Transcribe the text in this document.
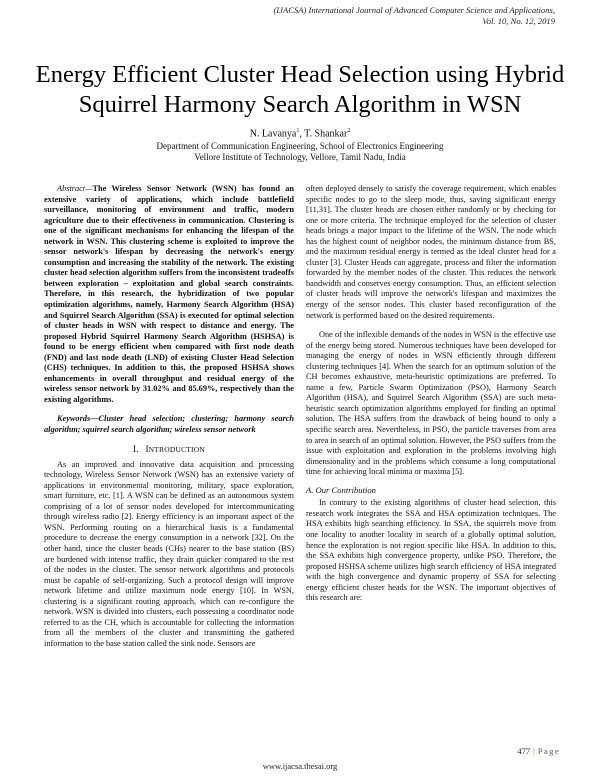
(IJACSA) International Journal of Advanced Computer Science and Applications,
Vol. 10, No. 12, 2019
Energy Efficient Cluster Head Selection using Hybrid
Squirrel Harmony Search Algorithm in WSN
N. Lavanya$^1$, T. Shankar$^2$
Department of Communication Engineering, School of Electronics Engineering
Vellore Institute of Technology, Vellore, Tamil Nadu, India

Abstract—The Wireless Sensor Network (WSN) has found an extensive variety of applications, which include battlefield surveillance, monitoring of environment and traffic, modern agriculture due to their effectiveness in communication. Clustering is one of the significant mechanisms for enhancing the lifespan of the network in WSN. This clustering scheme is exploited to improve the sensor network's lifespan by decreasing the network's energy consumption and increasing the stability of the network. The existing cluster head selection algorithm suffers from the inconsistent tradeoffs between exploration – exploitation and global search constraints. Therefore, in this research, the hybridization of two popular optimization algorithms, namely, Harmony Search Algorithm (HSA) and Squirrel Search Algorithm (SSA) is executed for optimal selection of cluster heads in WSN with respect to distance and energy. The proposed Hybrid Squirrel Harmony Search Algorithm (HSHSA) is found to be energy efficient when compared with first node death (FND) and last node death (LND) of existing Cluster Head Selection (CHS) techniques. In addition to this, the proposed HSHSA shows enhancements in overall throughput and residual energy of the wireless sensor network by 31.02% and 85.69%, respectively than the existing algorithms.

Keywords—Cluster head selection; clustering; harmony search algorithm; squirrel search algorithm; wireless sensor network

I. INTRODUCTION

As an improved and innovative data acquisition and processing technology, Wireless Sensor Network (WSN) has an extensive variety of applications in environmental monitoring, military, space exploration, smart furniture, etc. [1]. A WSN can be defined as an autonomous system comprising of a lot of sensor nodes developed for intercommunicating through wireless radio [2]. Energy efficiency is an important aspect of the WSN. Performing routing on a hierarchical basis is a fundamental procedure to decrease the energy consumption in a network [32]. On the other hand, since the cluster heads (CHs) nearer to the base station (BS) are burdened with intense traffic, they drain quicker compared to the rest of the nodes in the cluster. The sensor network algorithms and protocols must be capable of self-organizing. Such a protocol design will improve network lifetime and utilize maximum node energy [10]. In WSN, clustering is a significant routing approach, which can re-configure the network. WSN is divided into clusters, each possessing a coordinator node referred to as the CH, which is accountable for collecting the information from all the members of the cluster and transmitting the gathered information to the base station called the sink node. Sensors are

often deployed densely to satisfy the coverage requirement, which enables specific nodes to go to the sleep mode, thus, saving significant energy [11,31]. The cluster heads are chosen either randomly or by checking for one or more criteria. The technique employed for the selection of cluster heads brings a major impact to the lifetime of the WSN. The node which has the highest count of neighbor nodes, the minimum distance from BS, and the maximum residual energy is termed as the ideal cluster head for a cluster [3]. Cluster Heads can aggregate, process and filter the information forwarded by the member nodes of the cluster. This reduces the network bandwidth and conserves energy consumption. Thus, an efficient selection of cluster heads will improve the network's lifespan and maximizes the energy of the sensor nodes. This cluster based reconfiguration of the network is performed based on the desired requirements.

One of the inflexible demands of the nodes in WSN is the effective use of the energy being stored. Numerous techniques have been developed for managing the energy of nodes in WSN efficiently through different clustering techniques [4]. When the search for an optimum solution of the CH becomes exhaustive, meta-heuristic optimizations are preferred. To name a few, Particle Swarm Optimization (PSO), Harmony Search Algorithm (HSA), and Squirrel Search Algorithm (SSA) are such meta-heuristic search optimization algorithms employed for finding an optimal solution. The HSA suffers from the drawback of being bound to only a specific search area. Nevertheless, in PSO, the particle traverses from area to area in search of an optimal solution. However, the PSO suffers from the issue with exploitation and exploration in the problems involving high dimensionality and in the problems which consume a long computational time for achieving local minima or maxima [5].

A. Our Contribution

In contrary to the existing algorithms of cluster head selection, this research work integrates the SSA and HSA optimization techniques. The HSA exhibits high searching efficiency. In SSA, the squirrels move from one locality to another locality in search of a globally optimal solution, hence the exploration is not region specific like HSA. In addition to this, the SSA exhibits high convergence property, unlike PSO. Therefore, the proposed HSHSA scheme utilizes high search efficiency of HSA integrated with the high convergence and dynamic property of SSA for selecting energy efficient cluster heads for the WSN. The important objectives of this research are:

477 | Page
www.ijacsa.thesai.org
